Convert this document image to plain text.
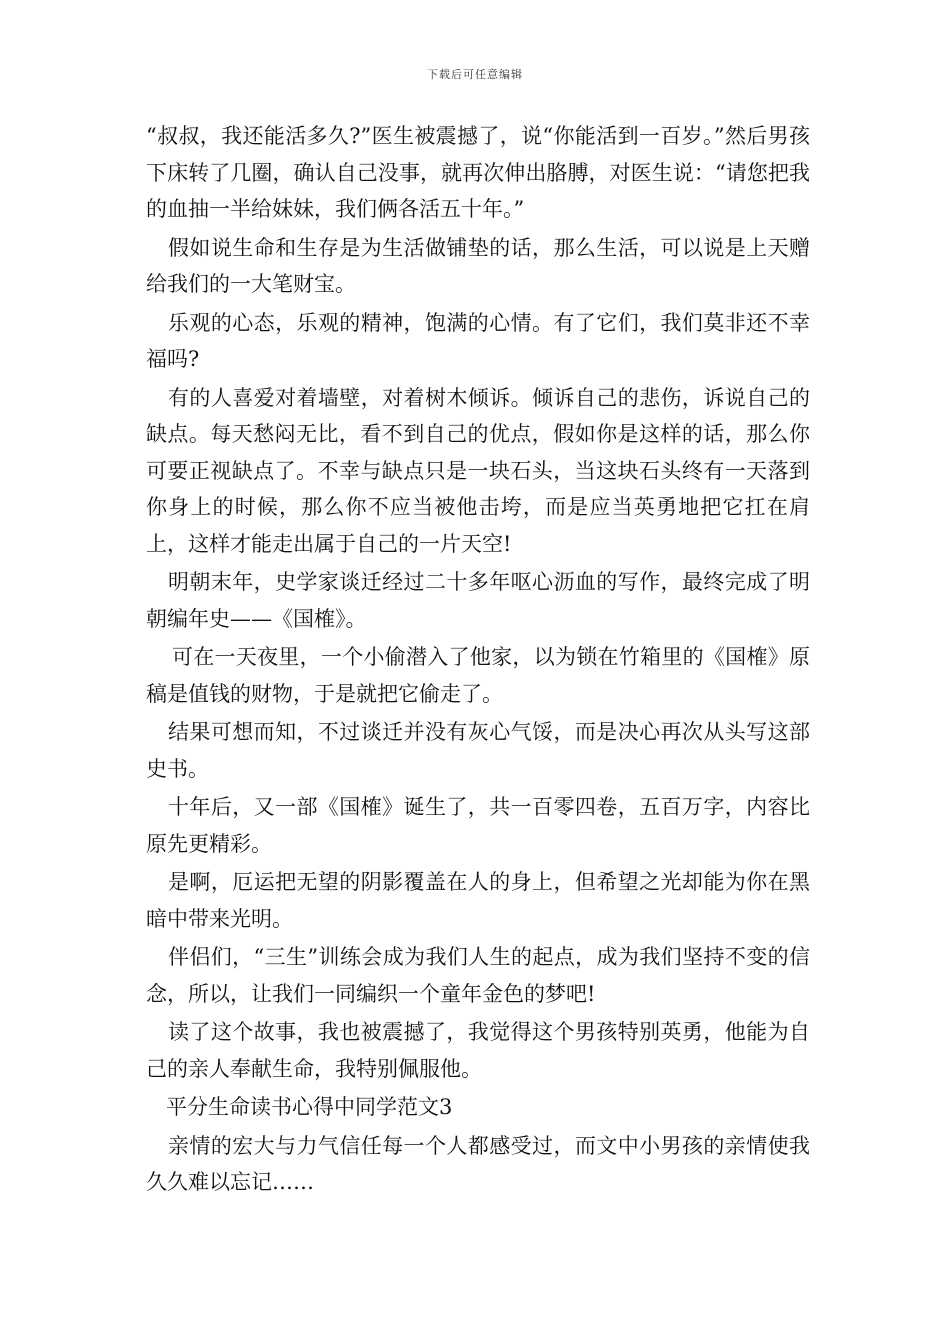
下载后可任意编辑

“叔叔，我还能活多久?”医生被震撼了，说“你能活到一百岁。”然后男孩下床转了几圈，确认自己没事，就再次伸出胳膊，对医生说：“请您把我的血抽一半给妹妹，我们俩各活五十年。”

假如说生命和生存是为生活做铺垫的话，那么生活，可以说是上天赠给我们的一大笔财宝。

乐观的心态，乐观的精神，饱满的心情。有了它们，我们莫非还不幸福吗?

有的人喜爱对着墙壁，对着树木倾诉。倾诉自己的悲伤，诉说自己的缺点。每天愁闷无比，看不到自己的优点，假如你是这样的话，那么你可要正视缺点了。不幸与缺点只是一块石头，当这块石头终有一天落到你身上的时候，那么你不应当被他击垮，而是应当英勇地把它扛在肩上，这样才能走出属于自己的一片天空!

明朝末年，史学家谈迁经过二十多年呕心沥血的写作，最终完成了明朝编年史——《国榷》。

可在一天夜里，一个小偷潜入了他家，以为锁在竹箱里的《国榷》原稿是值钱的财物，于是就把它偷走了。

结果可想而知，不过谈迁并没有灰心气馁，而是决心再次从头写这部史书。

十年后，又一部《国榷》诞生了，共一百零四卷，五百万字，内容比原先更精彩。

是啊，厄运把无望的阴影覆盖在人的身上，但希望之光却能为你在黑暗中带来光明。

伴侣们，“三生”训练会成为我们人生的起点，成为我们坚持不变的信念，所以，让我们一同编织一个童年金色的梦吧!

读了这个故事，我也被震撼了，我觉得这个男孩特别英勇，他能为自己的亲人奉献生命，我特别佩服他。

平分生命读书心得中同学范文3

亲情的宏大与力气信任每一个人都感受过，而文中小男孩的亲情使我久久难以忘记……
